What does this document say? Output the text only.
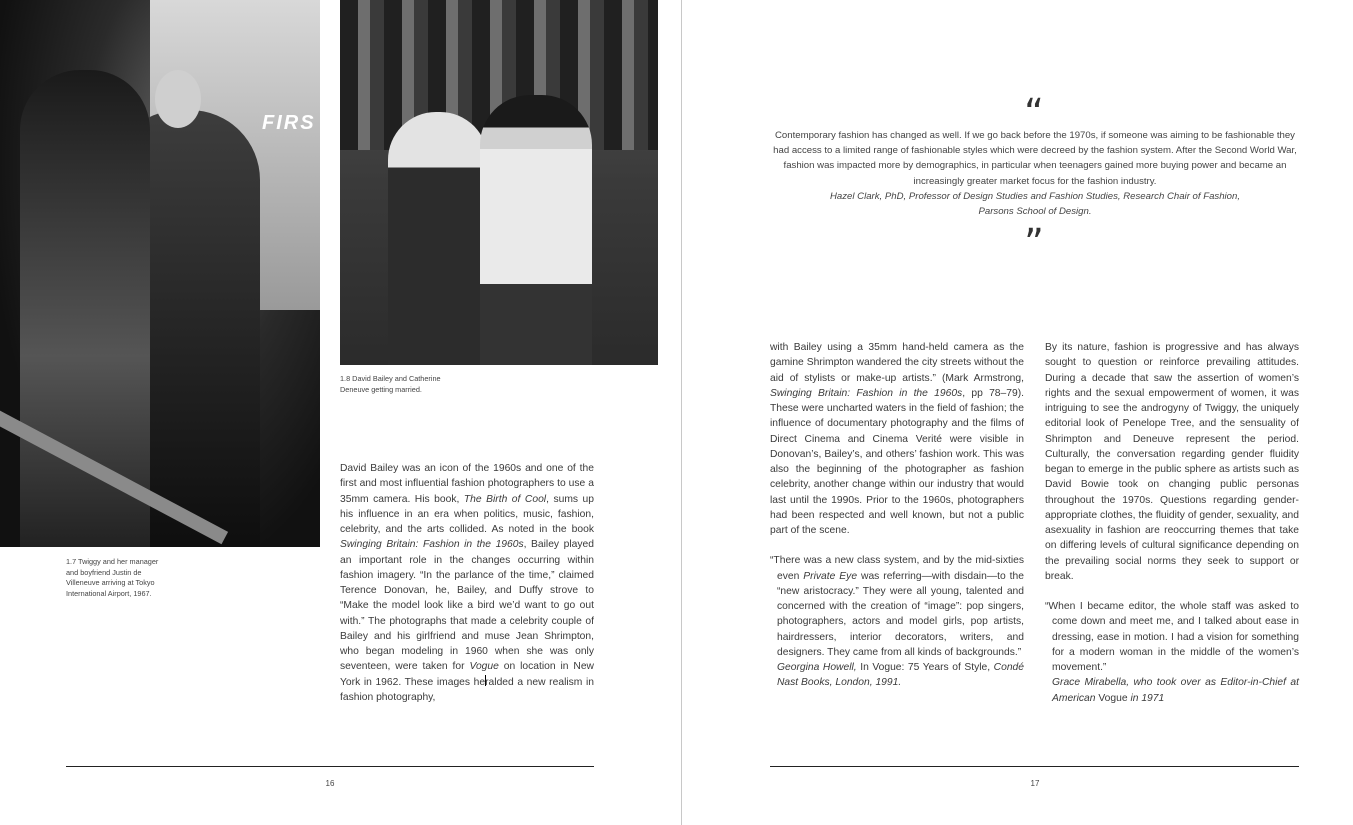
FIRS
1.7 Twiggy and her manager
and boyfriend Justin de
Villeneuve arriving at Tokyo
International Airport, 1967.
1.8 David Bailey and Catherine
Deneuve getting married.

David Bailey was an icon of the 1960s and one of the first and most influential fashion photographers to use a 35mm camera. His book, The Birth of Cool, sums up his influence in an era when politics, music, fashion, celebrity, and the arts collided. As noted in the book Swinging Britain: Fashion in the 1960s, Bailey played an important role in the changes occurring within fashion imagery. “In the parlance of the time,” claimed Terence Donovan, he, Bailey, and Duffy strove to “Make the model look like a bird we’d want to go out with.” The photographs that made a celebrity couple of Bailey and his girlfriend and muse Jean Shrimpton, who began modeling in 1960 when she was only seventeen, were taken for Vogue on location in New York in 1962. These images heralded a new realism in fashion photography,

16
“
Contemporary fashion has changed as well. If we go back before the 1970s, if someone was aiming to be fashionable they had access to a limited range of fashionable styles which were decreed by the fashion system. After the Second World War, fashion was impacted more by demographics, in particular when teenagers gained more buying power and became an increasingly greater market focus for the fashion industry.
Hazel Clark, PhD, Professor of Design Studies and Fashion Studies, Research Chair of Fashion,
Parsons School of Design.
”

with Bailey using a 35mm hand-held camera as the gamine Shrimpton wandered the city streets without the aid of stylists or make-up artists.” (Mark Armstrong, Swinging Britain: Fashion in the 1960s, pp 78–79). These were uncharted waters in the field of fashion; the influence of documentary photography and the films of Direct Cinema and Cinema Verité were visible in Donovan’s, Bailey’s, and others’ fashion work. This was also the beginning of the photographer as fashion celebrity, another change within our industry that would last until the 1990s. Prior to the 1960s, photographers had been respected and well known, but not a public part of the scene.

“There was a new class system, and by the mid-sixties even Private Eye was referring—with disdain—to the “new aristocracy.” They were all young, talented and concerned with the creation of “image”: pop singers, photographers, actors and model girls, pop artists, hairdressers, interior decorators, writers, and designers. They came from all kinds of backgrounds.”
Georgina Howell, In Vogue: 75 Years of Style, Condé Nast Books, London, 1991.

By its nature, fashion is progressive and has always sought to question or reinforce prevailing attitudes. During a decade that saw the assertion of women’s rights and the sexual empowerment of women, it was intriguing to see the androgyny of Twiggy, the uniquely editorial look of Penelope Tree, and the sensuality of Shrimpton and Deneuve represent the period. Culturally, the conversation regarding gender fluidity began to emerge in the public sphere as artists such as David Bowie took on changing public personas throughout the 1970s. Questions regarding gender-appropriate clothes, the fluidity of gender, sexuality, and asexuality in fashion are reoccurring themes that take on differing levels of cultural significance depending on the prevailing social norms they seek to support or break.

“When I became editor, the whole staff was asked to come down and meet me, and I talked about ease in dressing, ease in motion. I had a vision for something for a modern woman in the middle of the women’s movement.”
Grace Mirabella, who took over as Editor-in-Chief at American Vogue in 1971

17
